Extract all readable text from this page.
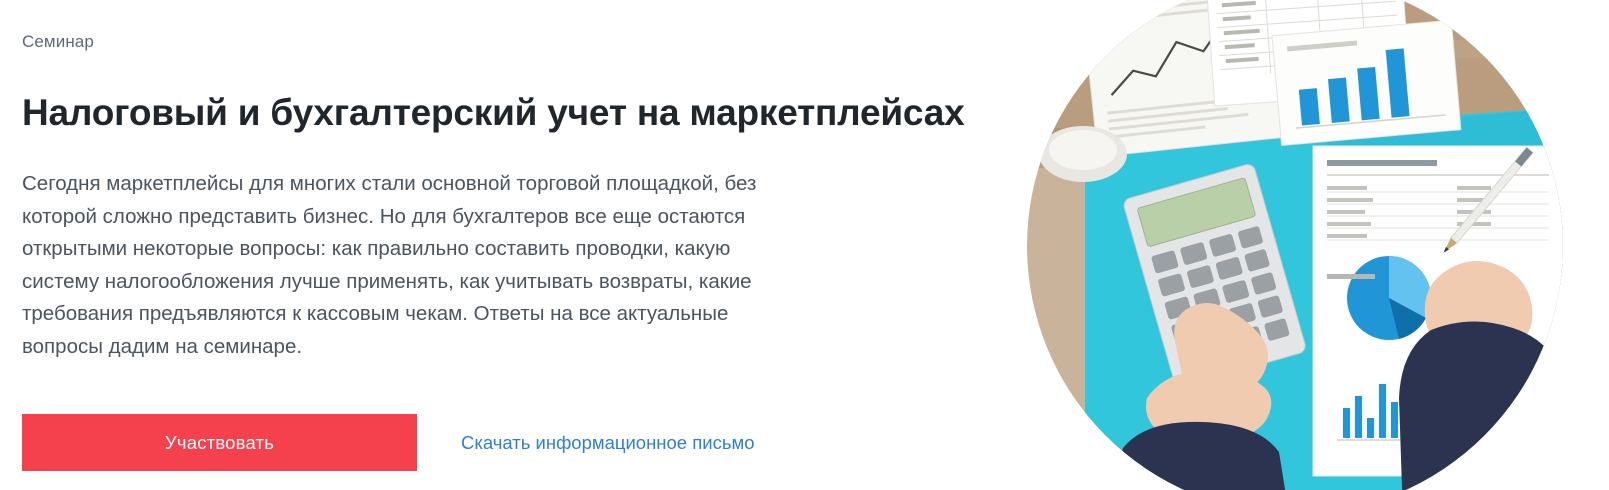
Семинар
Налоговый и бухгалтерский учет на маркетплейсах

Сегодня маркетплейсы для многих стали основной торговой площадкой, без которой сложно представить бизнес. Но для бухгалтеров все еще остаются открытыми некоторые вопросы: как правильно составить проводки, какую систему налогообложения лучше применять, как учитывать возвраты, какие требования предъявляются к кассовым чекам. Ответы на все актуальные вопросы дадим на семинаре.

Участвовать	Скачать информационное письмо
